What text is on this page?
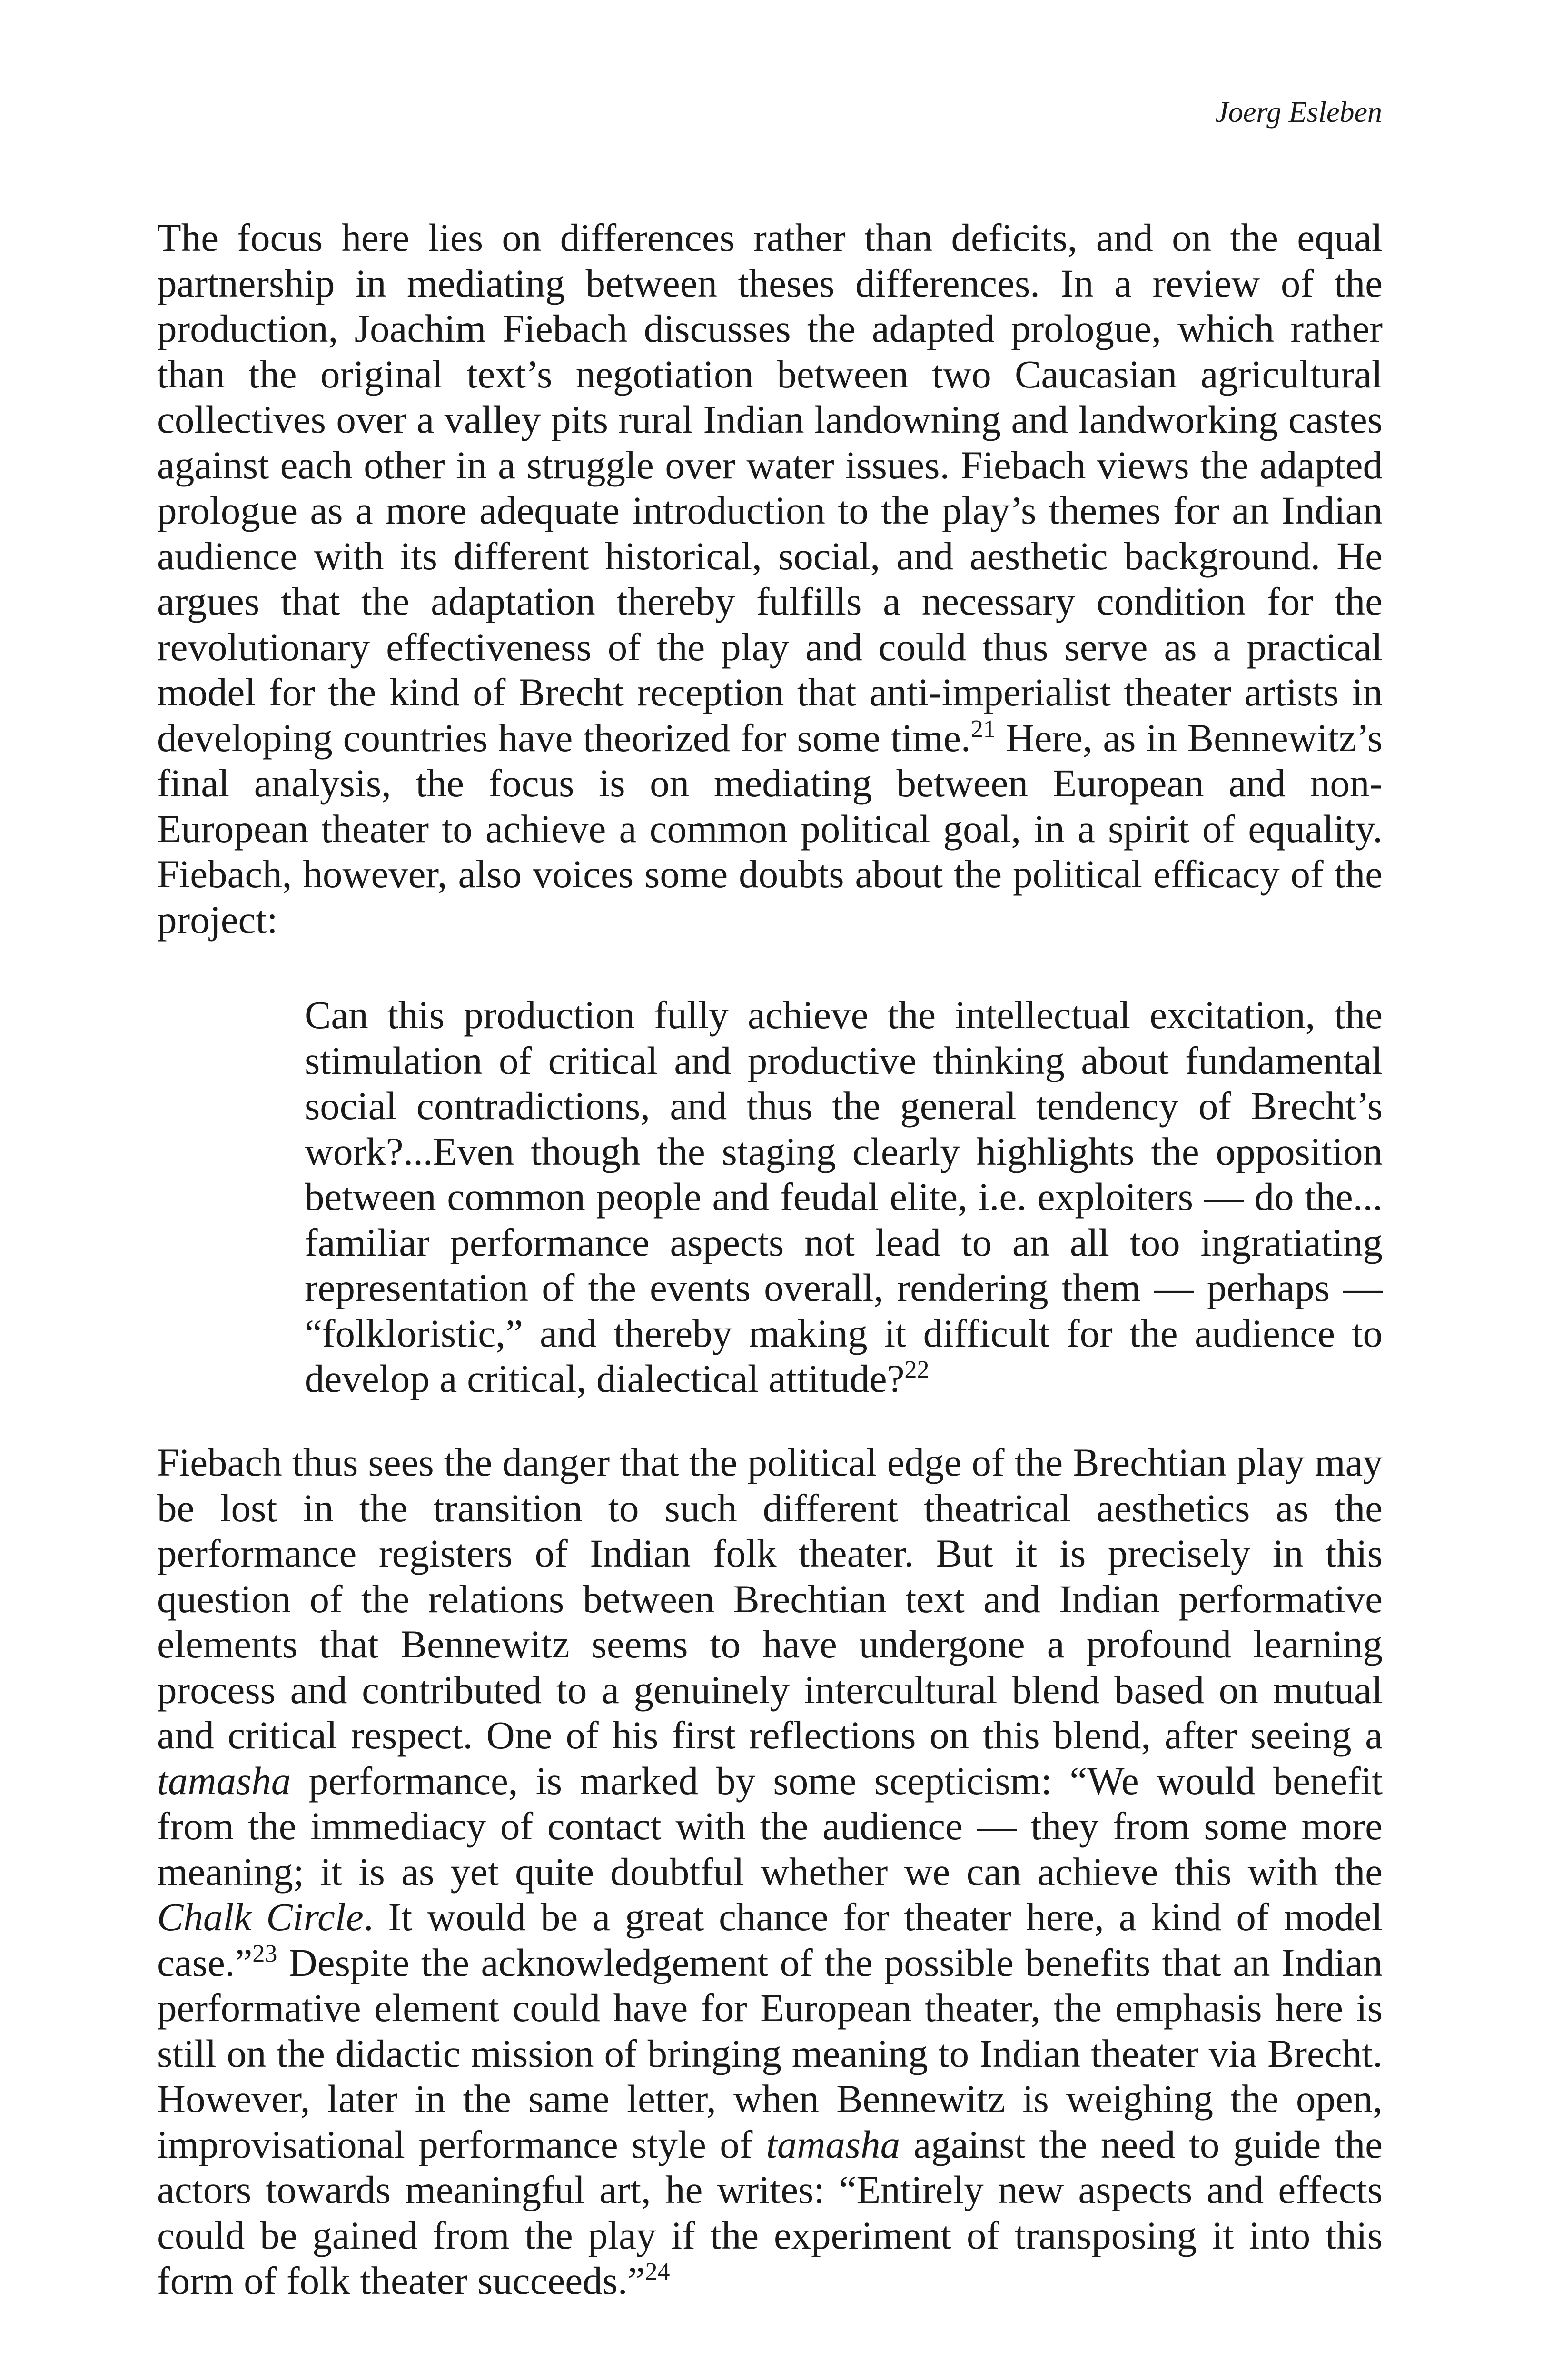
Joerg Esleben

The focus here lies on differences rather than deficits, and on the equal partnership in mediating between theses differences. In a review of the production, Joachim Fiebach discusses the adapted prologue, which rather than the original text’s negotiation between two Caucasian agricultural collectives over a valley pits rural Indian landowning and landworking castes against each other in a struggle over water issues. Fiebach views the adapted prologue as a more adequate introduction to the play’s themes for an Indian audience with its different historical, social, and aesthetic background. He argues that the adaptation thereby fulfills a necessary condition for the revolutionary effectiveness of the play and could thus serve as a practical model for the kind of Brecht reception that anti-imperialist theater artists in developing countries have theorized for some time.$^{21}$ Here, as in Bennewitz’s final analysis, the focus is on mediating between European and non-European theater to achieve a common political goal, in a spirit of equality. Fiebach, however, also voices some doubts about the political efficacy of the project:

Can this production fully achieve the intellectual excitation, the stimulation of critical and productive thinking about fundamental social contradictions, and thus the general tendency of Brecht’s work?...Even though the staging clearly highlights the opposition between common people and feudal elite, i.e. exploiters — do the... familiar performance aspects not lead to an all too ingratiating representation of the events overall, rendering them — perhaps — “folkloristic,” and thereby making it difficult for the audience to develop a critical, dialectical attitude?$^{22}$

Fiebach thus sees the danger that the political edge of the Brechtian play may be lost in the transition to such different theatrical aesthetics as the performance registers of Indian folk theater. But it is precisely in this question of the relations between Brechtian text and Indian performative elements that Bennewitz seems to have undergone a profound learning process and contributed to a genuinely intercultural blend based on mutual and critical respect. One of his first reflections on this blend, after seeing a tamasha performance, is marked by some scepticism: “We would benefit from the immediacy of contact with the audience — they from some more meaning; it is as yet quite doubtful whether we can achieve this with the Chalk Circle. It would be a great chance for theater here, a kind of model case.”$^{23}$ Despite the acknowledgement of the possible benefits that an Indian performative element could have for European theater, the emphasis here is still on the didactic mission of bringing meaning to Indian theater via Brecht. However, later in the same letter, when Bennewitz is weighing the open, improvisational performance style of tamasha against the need to guide the actors towards meaningful art, he writes: “Entirely new aspects and effects could be gained from the play if the experiment of transposing it into this form of folk theater succeeds.”$^{24}$
